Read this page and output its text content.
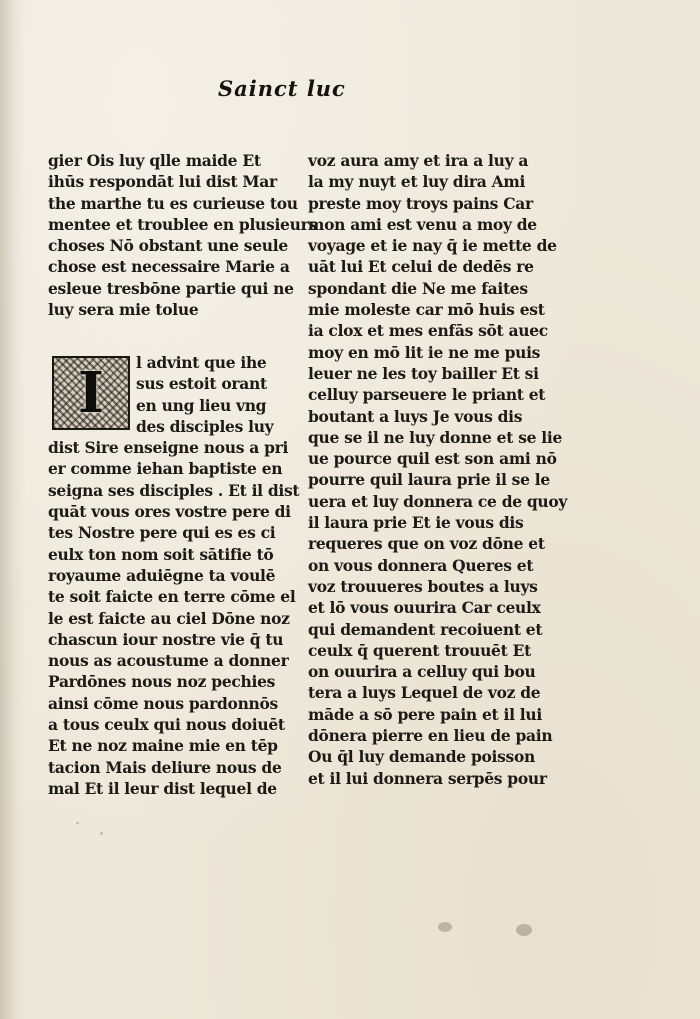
Sainct luc
gier Ois luy qlle maide Et
ihūs respondāt lui dist Mar
the marthe tu es curieuse tou
mentee et troublee en plusieurs
choses Nō obstant une seule
chose est necessaire Marie a
esleue tresbōne partie qui ne
luy sera mie tolue
I	l advint que ihe
sus estoit orant
en ung lieu vng
des disciples luy
dist Sire enseigne nous a pri
er comme iehan baptiste en
seigna ses disciples . Et il dist
quāt vous ores vostre pere di
tes Nostre pere qui es es ci
eulx ton nom soit sātifie tō
royaume aduiēgne ta voulē
te soit faicte en terre cōme el
le est faicte au ciel Dōne noz
chascun iour nostre vie q̄ tu
nous as acoustume a donner
Pardōnes nous noz pechies
ainsi cōme nous pardonnōs
a tous ceulx qui nous doiuēt
Et ne noz maine mie en tēp
tacion Mais deliure nous de
mal Et il leur dist lequel de
voz aura amy et ira a luy a
la my nuyt et luy dira Ami
preste moy troys pains Car
mon ami est venu a moy de
voyage et ie nay q̄ ie mette de
uāt lui Et celui de dedēs re
spondant die Ne me faites
mie moleste car mō huis est
ia clox et mes enfās sōt auec
moy en mō lit ie ne me puis
leuer ne les toy bailler Et si
celluy parseuere le priant et
boutant a luys Je vous dis
que se il ne luy donne et se lie
ue pource quil est son ami nō
pourre quil laura prie il se le
uera et luy donnera ce de quoy
il laura prie Et ie vous dis
requeres que on voz dōne et
on vous donnera Queres et
voz trouueres boutes a luys
et lō vous ouurira Car ceulx
qui demandent recoiuent et
ceulx q̄ querent trouuēt Et
on ouurira a celluy qui bou
tera a luys Lequel de voz de
māde a sō pere pain et il lui
dōnera pierre en lieu de pain
Ou q̄l luy demande poisson
et il lui donnera serpēs pour
